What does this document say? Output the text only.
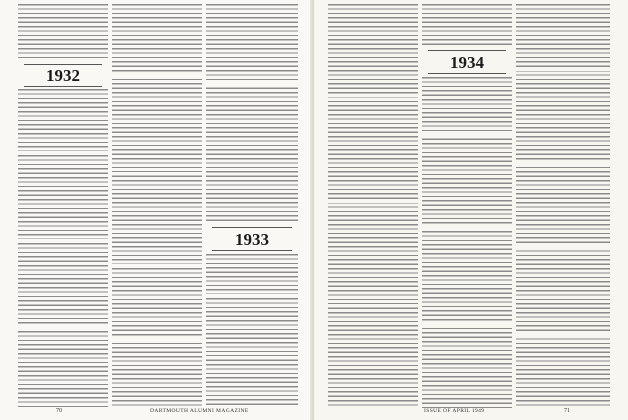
1932
1933
70	DARTMOUTH ALUMNI MAGAZINE
1934
ISSUE OF APRIL 1949	71
